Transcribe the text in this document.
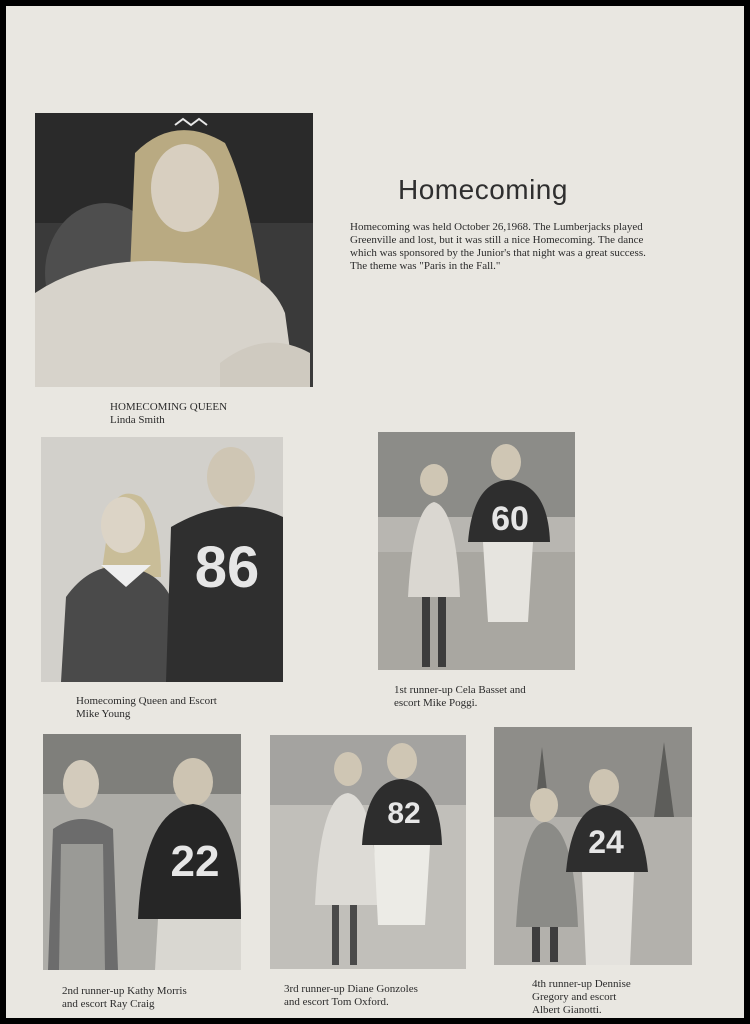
HOMECOMING QUEEN
Linda Smith
Homecoming
Homecoming was held October 26,1968. The Lumberjacks played Greenville and lost, but it was still a nice Homecoming. The dance which was sponsored by the Junior's that night was a great success. The theme was "Paris in the Fall."
86
Homecoming Queen and Escort
Mike Young
60
1st runner-up Cela Basset and
escort Mike Poggi.
22
2nd runner-up Kathy Morris
and escort Ray Craig
82
3rd runner-up Diane Gonzoles
and escort Tom Oxford.
24
4th runner-up Dennise
Gregory and escort
Albert Gianotti.
